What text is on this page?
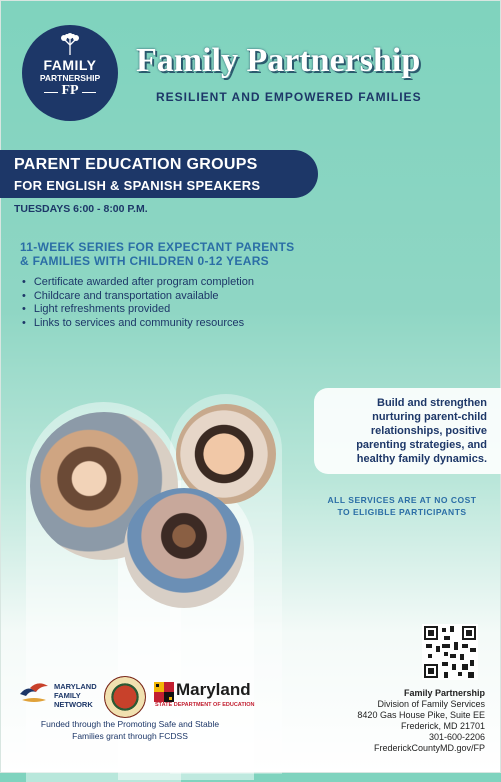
FAMILY
PARTNERSHIP
FP
Family Partnership
RESILIENT AND EMPOWERED FAMILIES
PARENT EDUCATION GROUPS
FOR ENGLISH & SPANISH SPEAKERS
TUESDAYS 6:00 - 8:00 P.M.
11-WEEK SERIES FOR EXPECTANT PARENTS
& FAMILIES WITH CHILDREN 0-12 YEARS
• Certificate awarded after program completion
• Childcare and transportation available
• Light refreshments provided
• Links to services and community resources
Build and strengthen
nurturing parent-child
relationships, positive
parenting strategies, and
healthy family dynamics.
ALL SERVICES ARE AT NO COST
TO ELIGIBLE PARTICIPANTS
MARYLAND
FAMILY
NETWORK
Maryland
STATE DEPARTMENT OF EDUCATION
Funded through the Promoting Safe and Stable
Families grant through FCDSS
Family Partnership
Division of Family Services
8420 Gas House Pike, Suite EE
Frederick, MD 21701
301-600-2206
FrederickCountyMD.gov/FP
